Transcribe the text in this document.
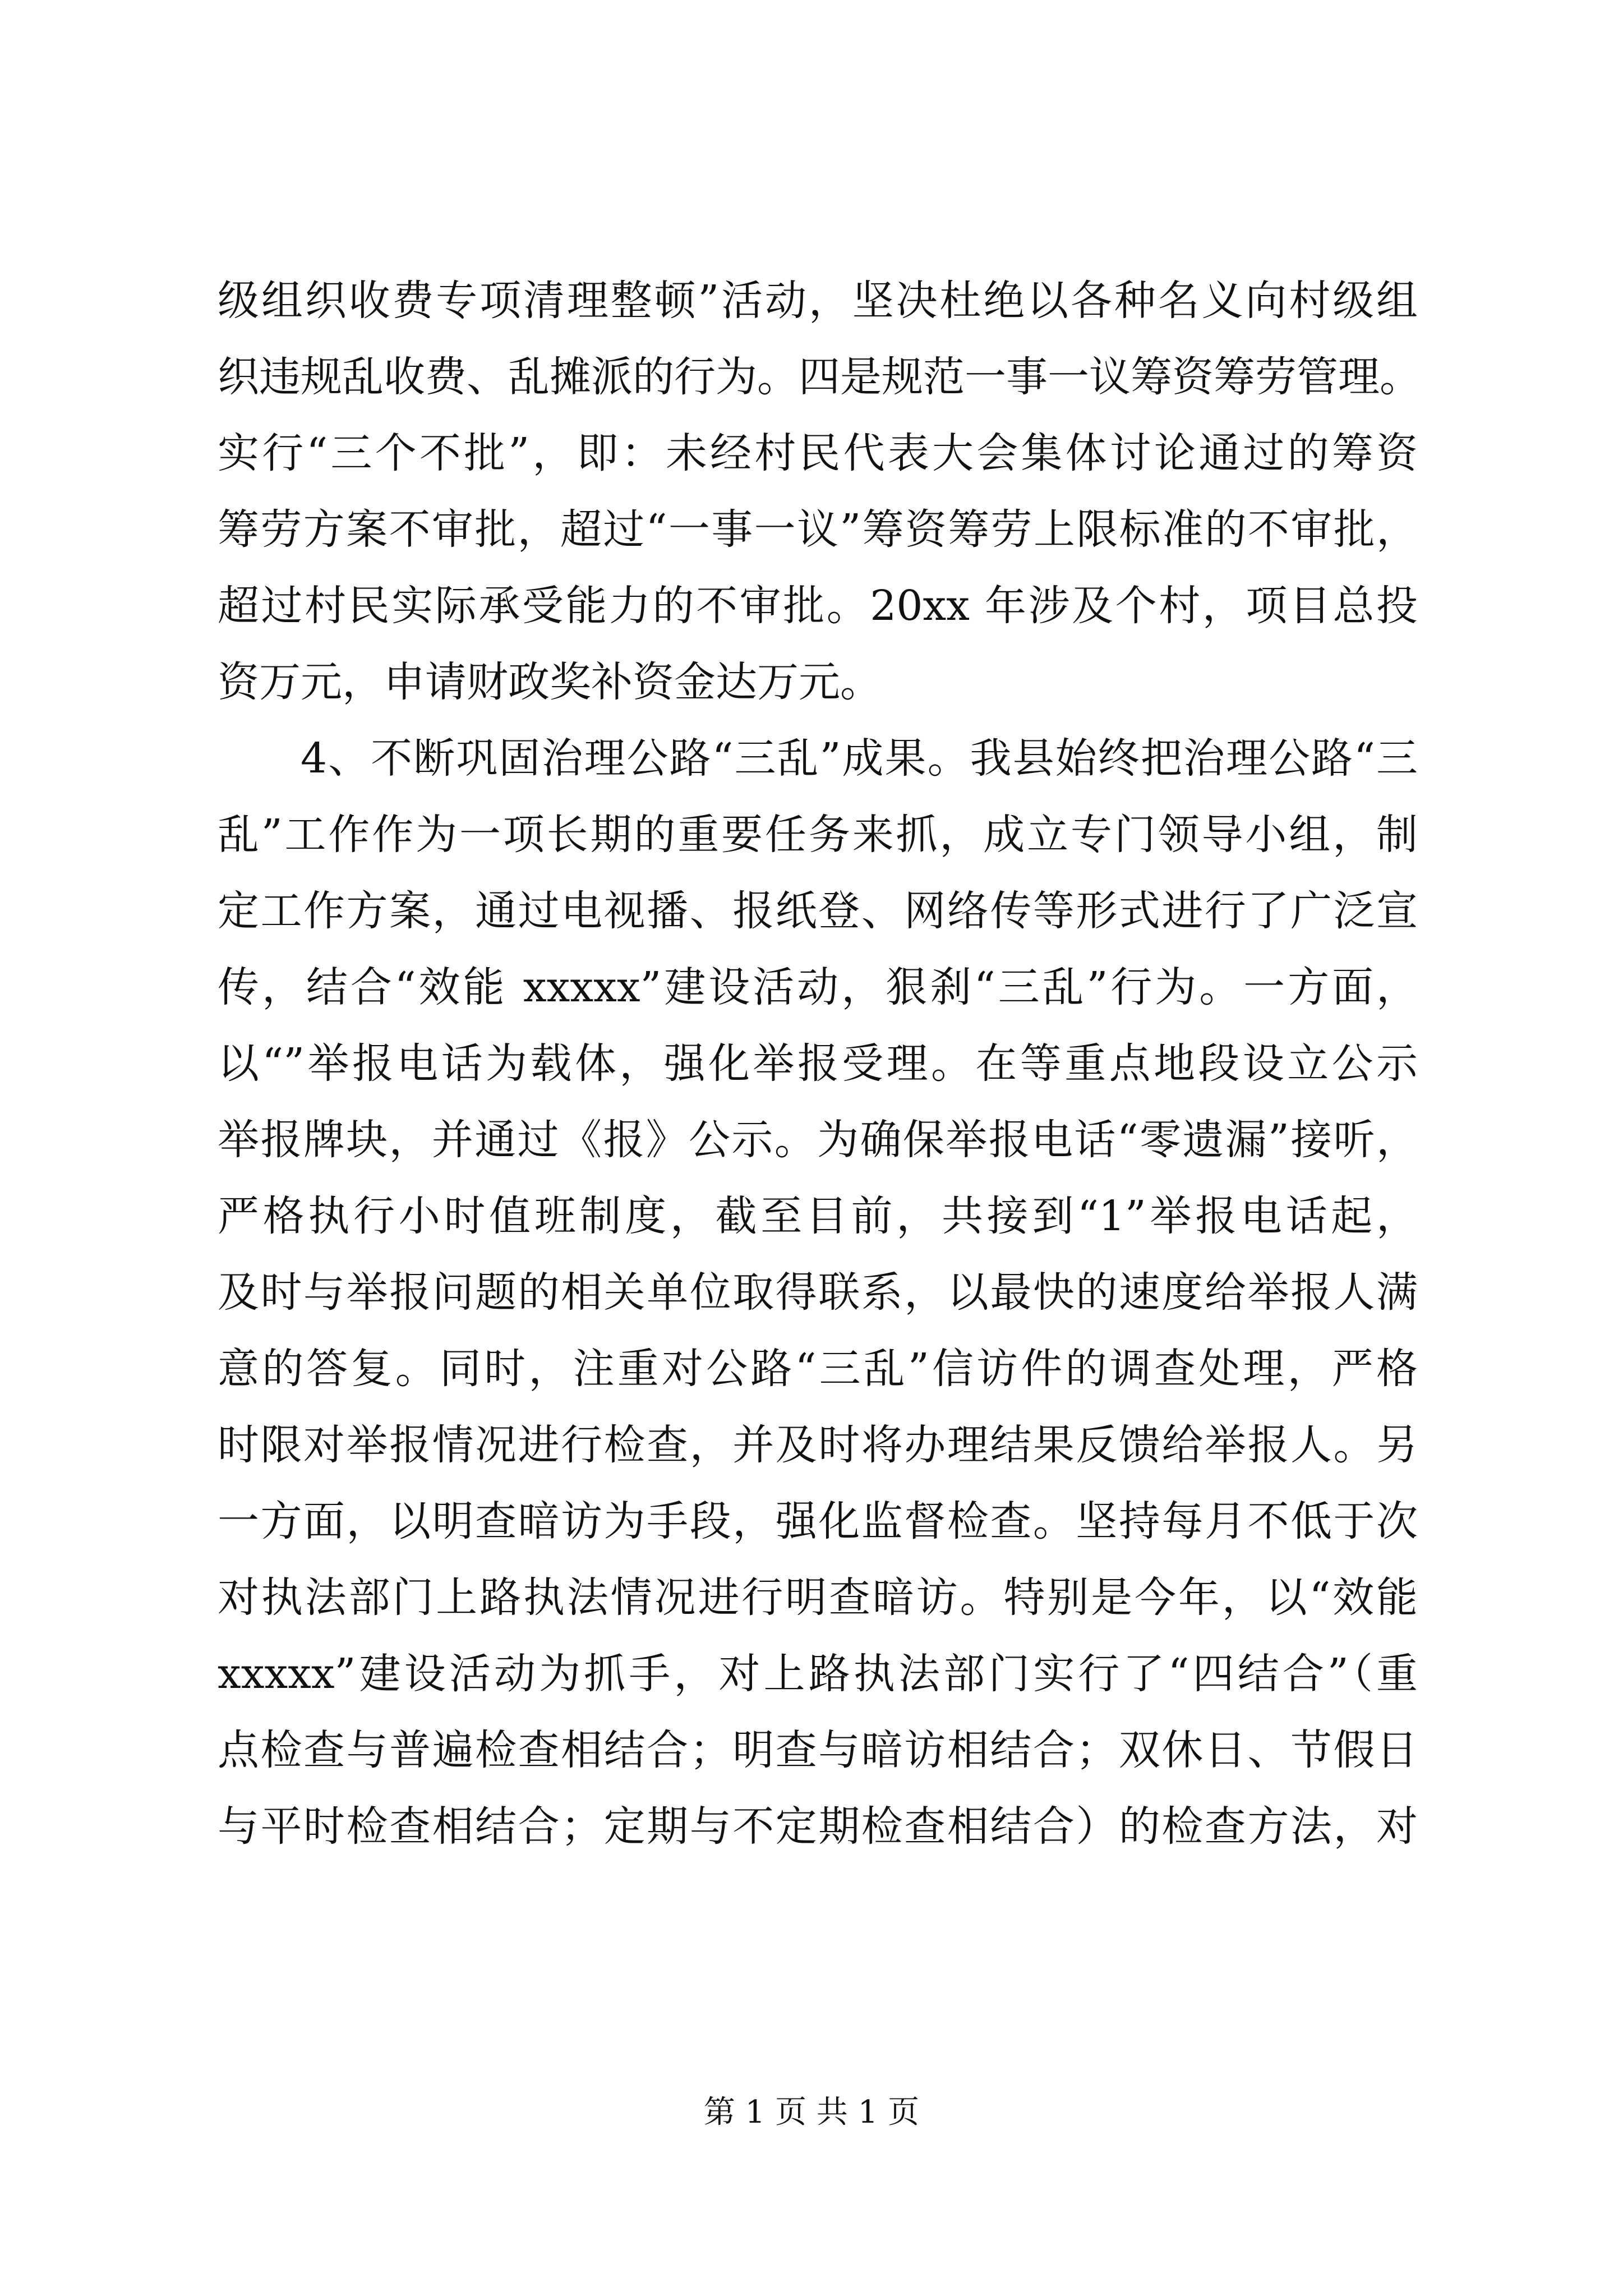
级组织收费专项清理整顿”活动，坚决杜绝以各种名义向村级组
织违规乱收费、乱摊派的行为。四是规范一事一议筹资筹劳管理。
实行“三个不批”，即：未经村民代表大会集体讨论通过的筹资
筹劳方案不审批，超过“一事一议”筹资筹劳上限标准的不审批，
超过村民实际承受能力的不审批。20xx 年涉及个村，项目总投
资万元，申请财政奖补资金达万元。
4、不断巩固治理公路“三乱”成果。我县始终把治理公路“三
乱”工作作为一项长期的重要任务来抓，成立专门领导小组，制
定工作方案，通过电视播、报纸登、网络传等形式进行了广泛宣
传，结合“效能 xxxxx”建设活动，狠刹“三乱”行为。一方面，
以“”举报电话为载体，强化举报受理。在等重点地段设立公示
举报牌块，并通过《报》公示。为确保举报电话“零遗漏”接听，
严格执行小时值班制度，截至目前，共接到“1”举报电话起，
及时与举报问题的相关单位取得联系，以最快的速度给举报人满
意的答复。同时，注重对公路“三乱”信访件的调查处理，严格
时限对举报情况进行检查，并及时将办理结果反馈给举报人。另
一方面，以明查暗访为手段，强化监督检查。坚持每月不低于次
对执法部门上路执法情况进行明查暗访。特别是今年，以“效能
xxxxx”建设活动为抓手，对上路执法部门实行了“四结合”（重
点检查与普遍检查相结合；明查与暗访相结合；双休日、节假日
与平时检查相结合；定期与不定期检查相结合）的检查方法，对
第 1 页 共 1 页
